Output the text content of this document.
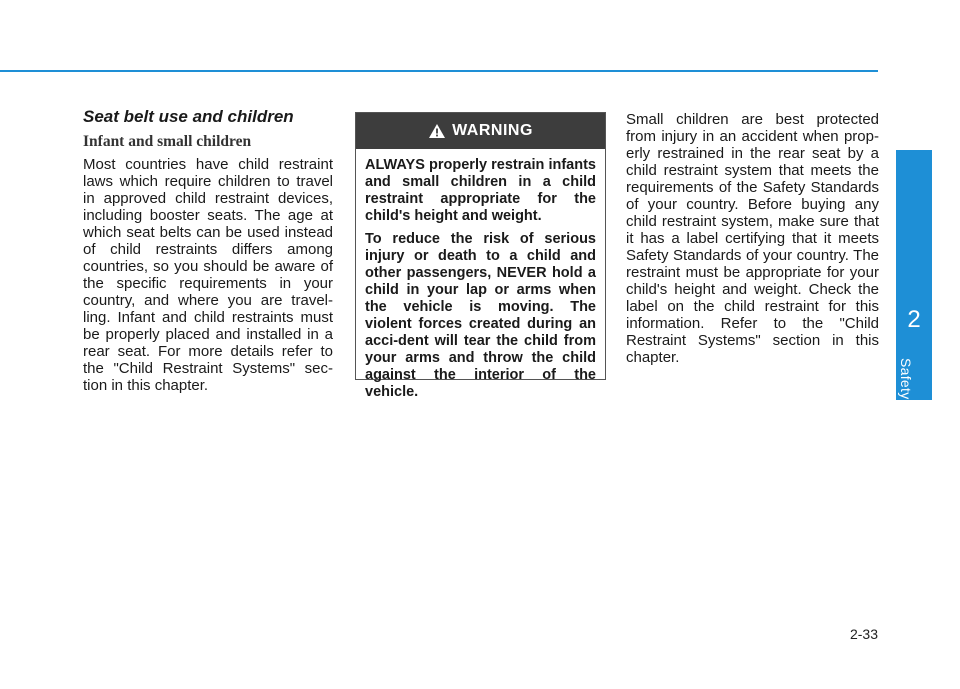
2
Safety system of your vehicle
Seat belt use and children
Infant and small children

Most countries have child restraint laws which require children to travel in approved child restraint devices, including booster seats. The age at which seat belts can be used instead of child restraints differs among countries, so you should be aware of the specific requirements in your country, and where you are travel-ling. Infant and child restraints must be properly placed and installed in a rear seat. For more details refer to the "Child Restraint Systems" sec-tion in this chapter.

WARNING

ALWAYS properly restrain infants and small children in a child restraint appropriate for the child's height and weight.

To reduce the risk of serious injury or death to a child and other passengers, NEVER hold a child in your lap or arms when the vehicle is moving. The violent forces created during an acci-dent will tear the child from your arms and throw the child against the interior of the vehicle.

Small children are best protected from injury in an accident when prop-erly restrained in the rear seat by a child restraint system that meets the requirements of the Safety Standards of your country. Before buying any child restraint system, make sure that it has a label certifying that it meets Safety Standards of your country. The restraint must be appropriate for your child's height and weight. Check the label on the child restraint for this information. Refer to the "Child Restraint Systems" section in this chapter.

2-33
